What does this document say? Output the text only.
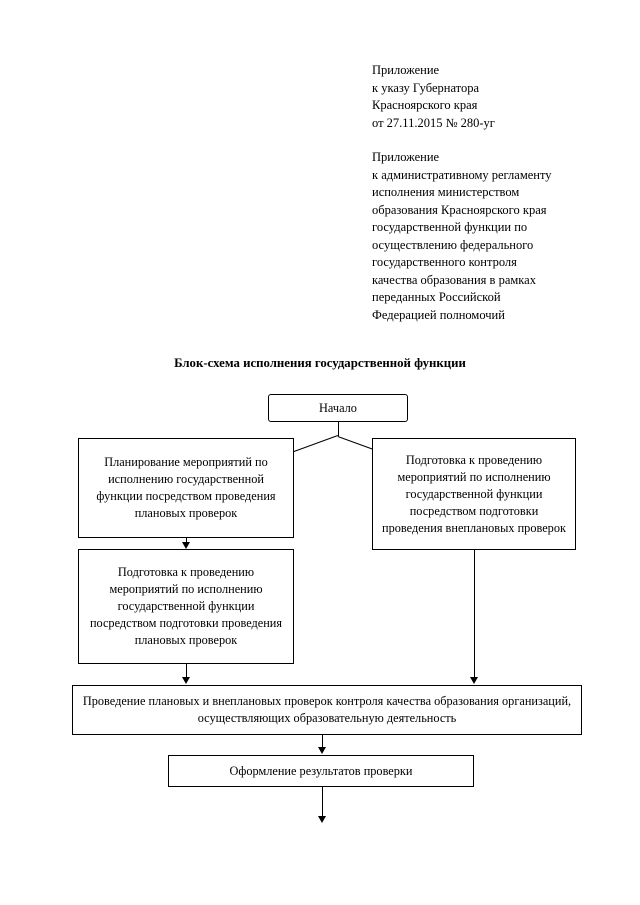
Приложение
к указу Губернатора
Красноярского края
от 27.11.2015 № 280-уг

Приложение
к административному регламенту
исполнения министерством
образования Красноярского края
государственной функции по
осуществлению федерального
государственного контроля
качества образования в рамках
переданных Российской
Федерацией полномочий

Блок-схема исполнения государственной функции
Начало
Планирование мероприятий по исполнению государственной функции посредством проведения плановых проверок
Подготовка к проведению мероприятий по исполнению государственной функции посредством подготовки проведения внеплановых проверок
Подготовка к проведению мероприятий по исполнению государственной функции посредством подготовки проведения плановых проверок
Проведение плановых и внеплановых проверок контроля качества образования организаций, осуществляющих образовательную деятельность
Оформление результатов проверки
